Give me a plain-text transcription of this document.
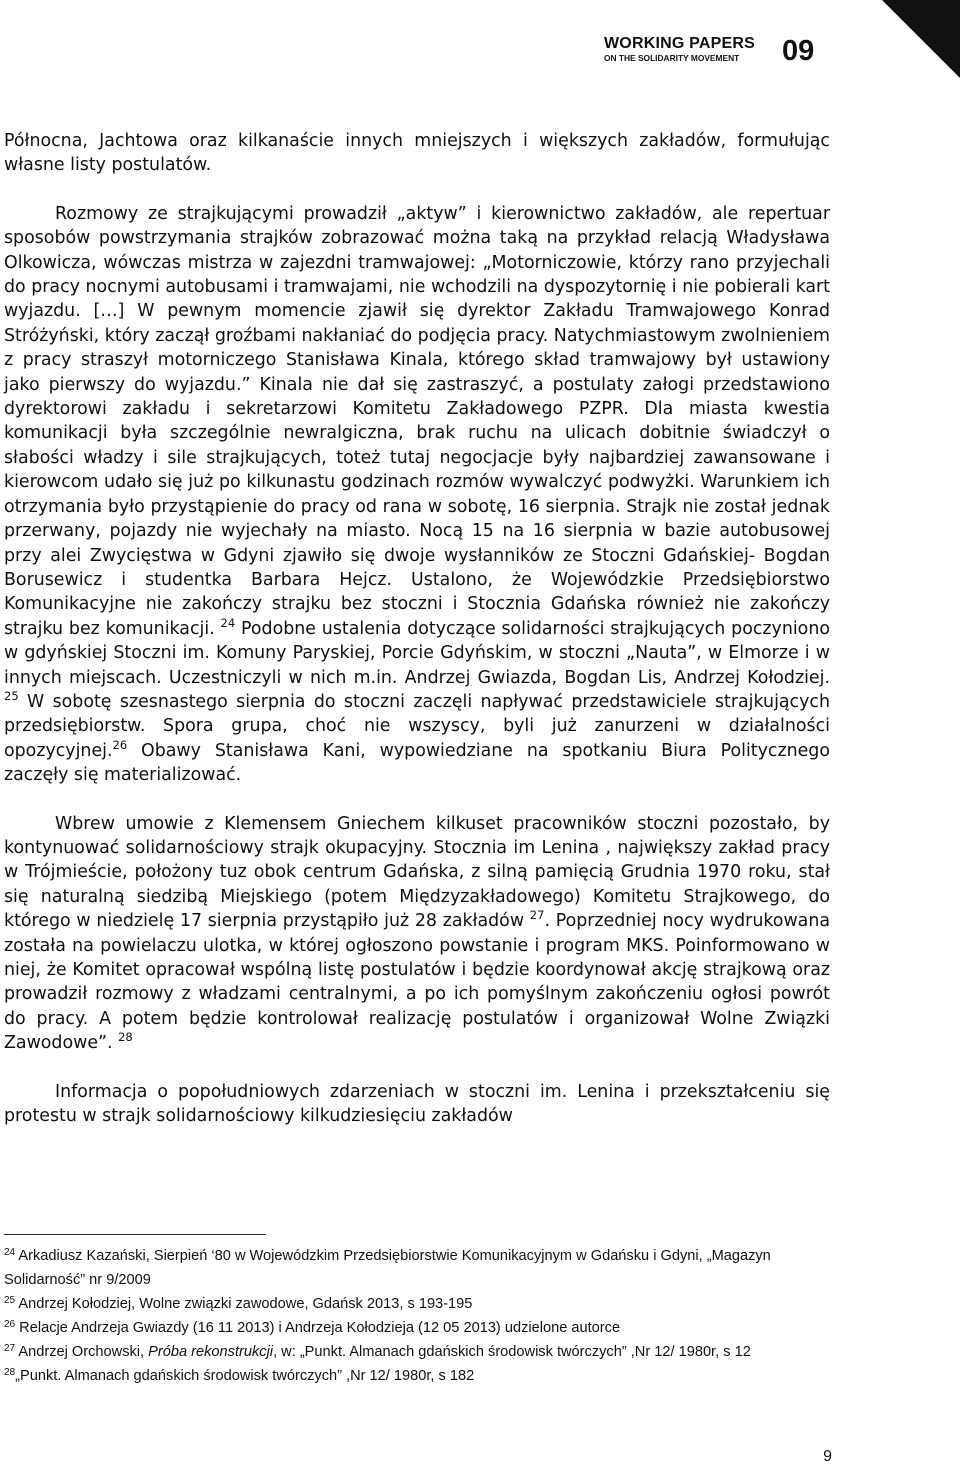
WORKING PAPERS
ON THE SOLIDARITY MOVEMENT 09

Północna, Jachtowa oraz kilkanaście innych mniejszych i większych zakładów, formułując własne listy postulatów.

Rozmowy ze strajkującymi prowadził „aktyw” i kierownictwo zakładów, ale repertuar sposobów powstrzymania strajków zobrazować można taką na przykład relacją Władysława Olkowicza, wówczas mistrza w zajezdni tramwajowej: „Motorniczowie, którzy rano przyjechali do pracy nocnymi autobusami i tramwajami, nie wchodzili na dyspozytornię i nie pobierali kart wyjazdu. […] W pewnym momencie zjawił się dyrektor Zakładu Tramwajowego Konrad Stróżyński, który zaczął groźbami nakłaniać do podjęcia pracy. Natychmiastowym zwolnieniem z pracy straszył motorniczego Stanisława Kinala, którego skład tramwajowy był ustawiony jako pierwszy do wyjazdu.” Kinala nie dał się zastraszyć, a postulaty załogi przedstawiono dyrektorowi zakładu i sekretarzowi Komitetu Zakładowego PZPR. Dla miasta kwestia komunikacji była szczególnie newralgiczna, brak ruchu na ulicach dobitnie świadczył o słabości władzy i sile strajkujących, toteż tutaj negocjacje były najbardziej zawansowane i kierowcom udało się już po kilkunastu godzinach rozmów wywalczyć podwyżki. Warunkiem ich otrzymania było przystąpienie do pracy od rana w sobotę, 16 sierpnia. Strajk nie został jednak przerwany, pojazdy nie wyjechały na miasto. Nocą 15 na 16 sierpnia w bazie autobusowej przy alei Zwycięstwa w Gdyni zjawiło się dwoje wysłanników ze Stoczni Gdańskiej- Bogdan Borusewicz i studentka Barbara Hejcz. Ustalono, że Wojewódzkie Przedsiębiorstwo Komunikacyjne nie zakończy strajku bez stoczni i Stocznia Gdańska również nie zakończy strajku bez komunikacji. $^{24}$ Podobne ustalenia dotyczące solidarności strajkujących poczyniono w gdyńskiej Stoczni im. Komuny Paryskiej, Porcie Gdyńskim, w stoczni „Nauta”, w Elmorze i w innych miejscach. Uczestniczyli w nich m.in. Andrzej Gwiazda, Bogdan Lis, Andrzej Kołodziej. $^{25}$ W sobotę szesnastego sierpnia do stoczni zaczęli napływać przedstawiciele strajkujących przedsiębiorstw. Spora grupa, choć nie wszyscy, byli już zanurzeni w działalności opozycyjnej.$^{26}$ Obawy Stanisława Kani, wypowiedziane na spotkaniu Biura Politycznego zaczęły się materializować.

Wbrew umowie z Klemensem Gniechem kilkuset pracowników stoczni pozostało, by kontynuować solidarnościowy strajk okupacyjny. Stocznia im Lenina , największy zakład pracy w Trójmieście, położony tuz obok centrum Gdańska, z silną pamięcią Grudnia 1970 roku, stał się naturalną siedzibą Miejskiego (potem Międzyzakładowego) Komitetu Strajkowego, do którego w niedzielę 17 sierpnia przystąpiło już 28 zakładów $^{27}$. Poprzedniej nocy wydrukowana została na powielaczu ulotka, w której ogłoszono powstanie i program MKS. Poinformowano w niej, że Komitet opracował wspólną listę postulatów i będzie koordynował akcję strajkową oraz prowadził rozmowy z władzami centralnymi, a po ich pomyślnym zakończeniu ogłosi powrót do pracy. A potem będzie kontrolował realizację postulatów i organizował Wolne Związki Zawodowe”. $^{28}$

Informacja o popołudniowych zdarzeniach w stoczni im. Lenina i przekształceniu się protestu w strajk solidarnościowy kilkudziesięciu zakładów

$^{24}$ Arkadiusz Kazański, Sierpień ‘80 w Wojewódzkim Przedsiębiorstwie Komunikacyjnym w Gdańsku i Gdyni, „Magazyn Solidarność” nr 9/2009

$^{25}$ Andrzej Kołodziej, Wolne związki zawodowe, Gdańsk 2013, s 193-195

$^{26}$ Relacje Andrzeja Gwiazdy (16 11 2013) i Andrzeja Kołodzieja (12 05 2013) udzielone autorce

$^{27}$ Andrzej Orchowski, Próba rekonstrukcji, w: „Punkt. Almanach gdańskich środowisk twórczych” ,Nr 12/ 1980r, s 12

$^{28}$„Punkt. Almanach gdańskich środowisk twórczych” ,Nr 12/ 1980r, s 182

9
